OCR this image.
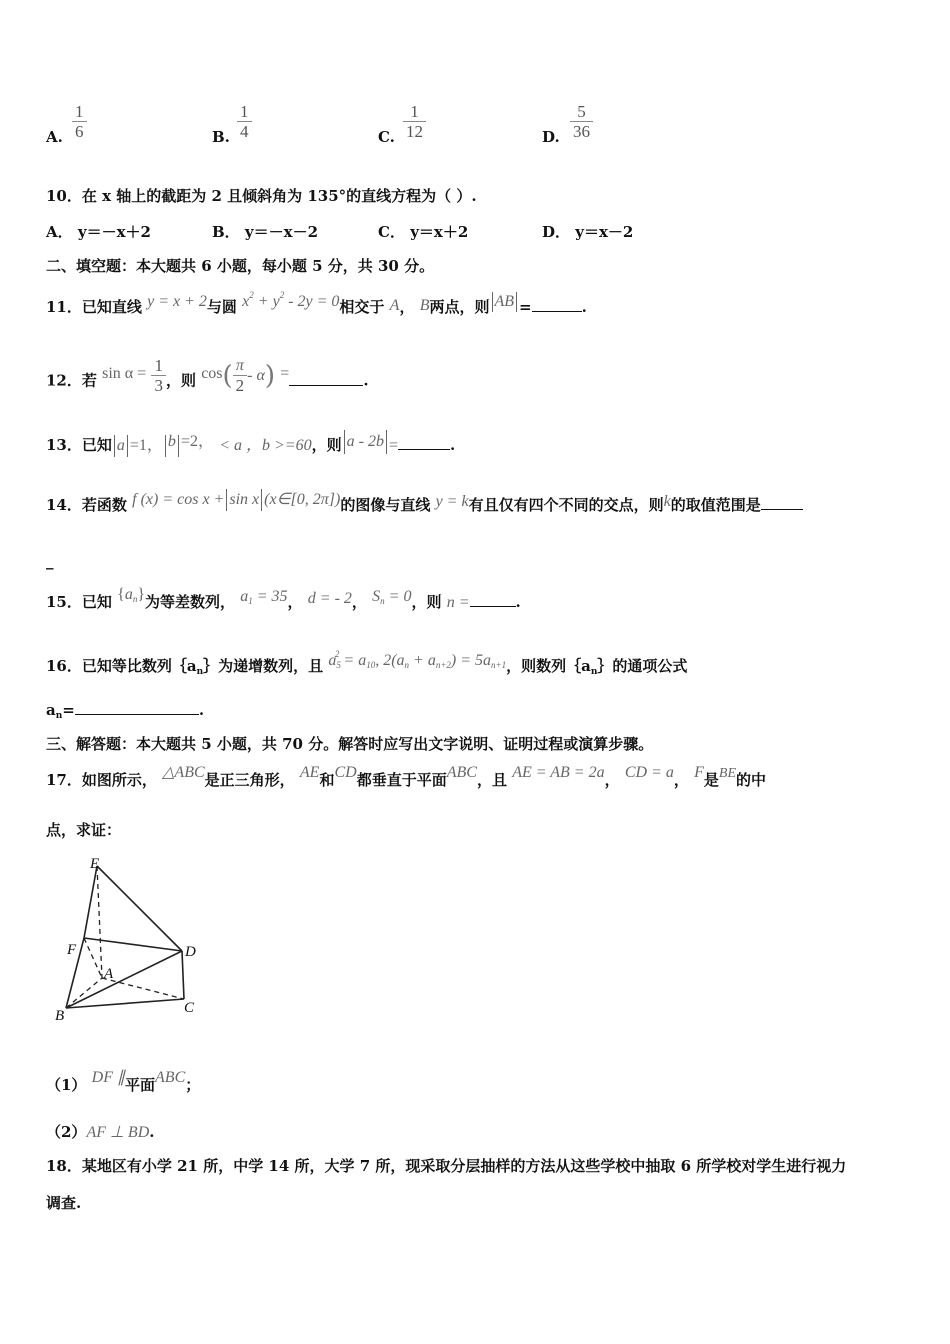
A. $\frac{1}{6}$	B. $\frac{1}{4}$	C. $\frac{1}{12}$	D. $\frac{5}{36}$
10．在 x 轴上的截距为 2 且倾斜角为 135°的直线方程为（ ）.
A． y＝－x＋2	B． y＝－x－2	C． y＝x＋2	D． y＝x－2
二、填空题：本大题共 6 小题，每小题 5 分，共 30 分。
11．已知直线 y = x + 2与圆 $x^2 + y^2 - 2y = 0$相交于 A， B两点，则 AB =	.
12．若 $\sin \alpha = \frac{1}{3}$ ，则 $\cos( \frac{\pi}{2} - \alpha)$ =	.
13．已知 a =1， b =2， < a ，b >=60，则 a - 2b =	.
14．若函数 f (x) = cos x + sin x (x∈[0, 2π])的图像与直线 y = k有且仅有四个不同的交点，则k的取值范围是
_
15．已知 $\{a_n\}$为等差数列， $a_1 = 35$， d = - 2， $S_n = 0$，则 n =	.
16．已知等比数列$\{a_n\}$为递增数列，且 $a_5^2 = a_{10}$, $2(a_n + a_{n+2}) = 5a_{n+1}$，则数列$\{a_n\}$的通项公式
$a_n=$	.
三、解答题：本大题共 5 小题，共 70 分。解答时应写出文字说明、证明过程或演算步骤。
17．如图所示， △ABC是正三角形， AE和CD都垂直于平面ABC，且 AE = AB = 2a， CD = a， F是BE的中
点，求证：
E
F
A
D
B	C
（1） DF ∥平面ABC；
（2）AF ⊥ BD.
18．某地区有小学 21 所，中学 14 所，大学 7 所，现采取分层抽样的方法从这些学校中抽取 6 所学校对学生进行视力
调查.
